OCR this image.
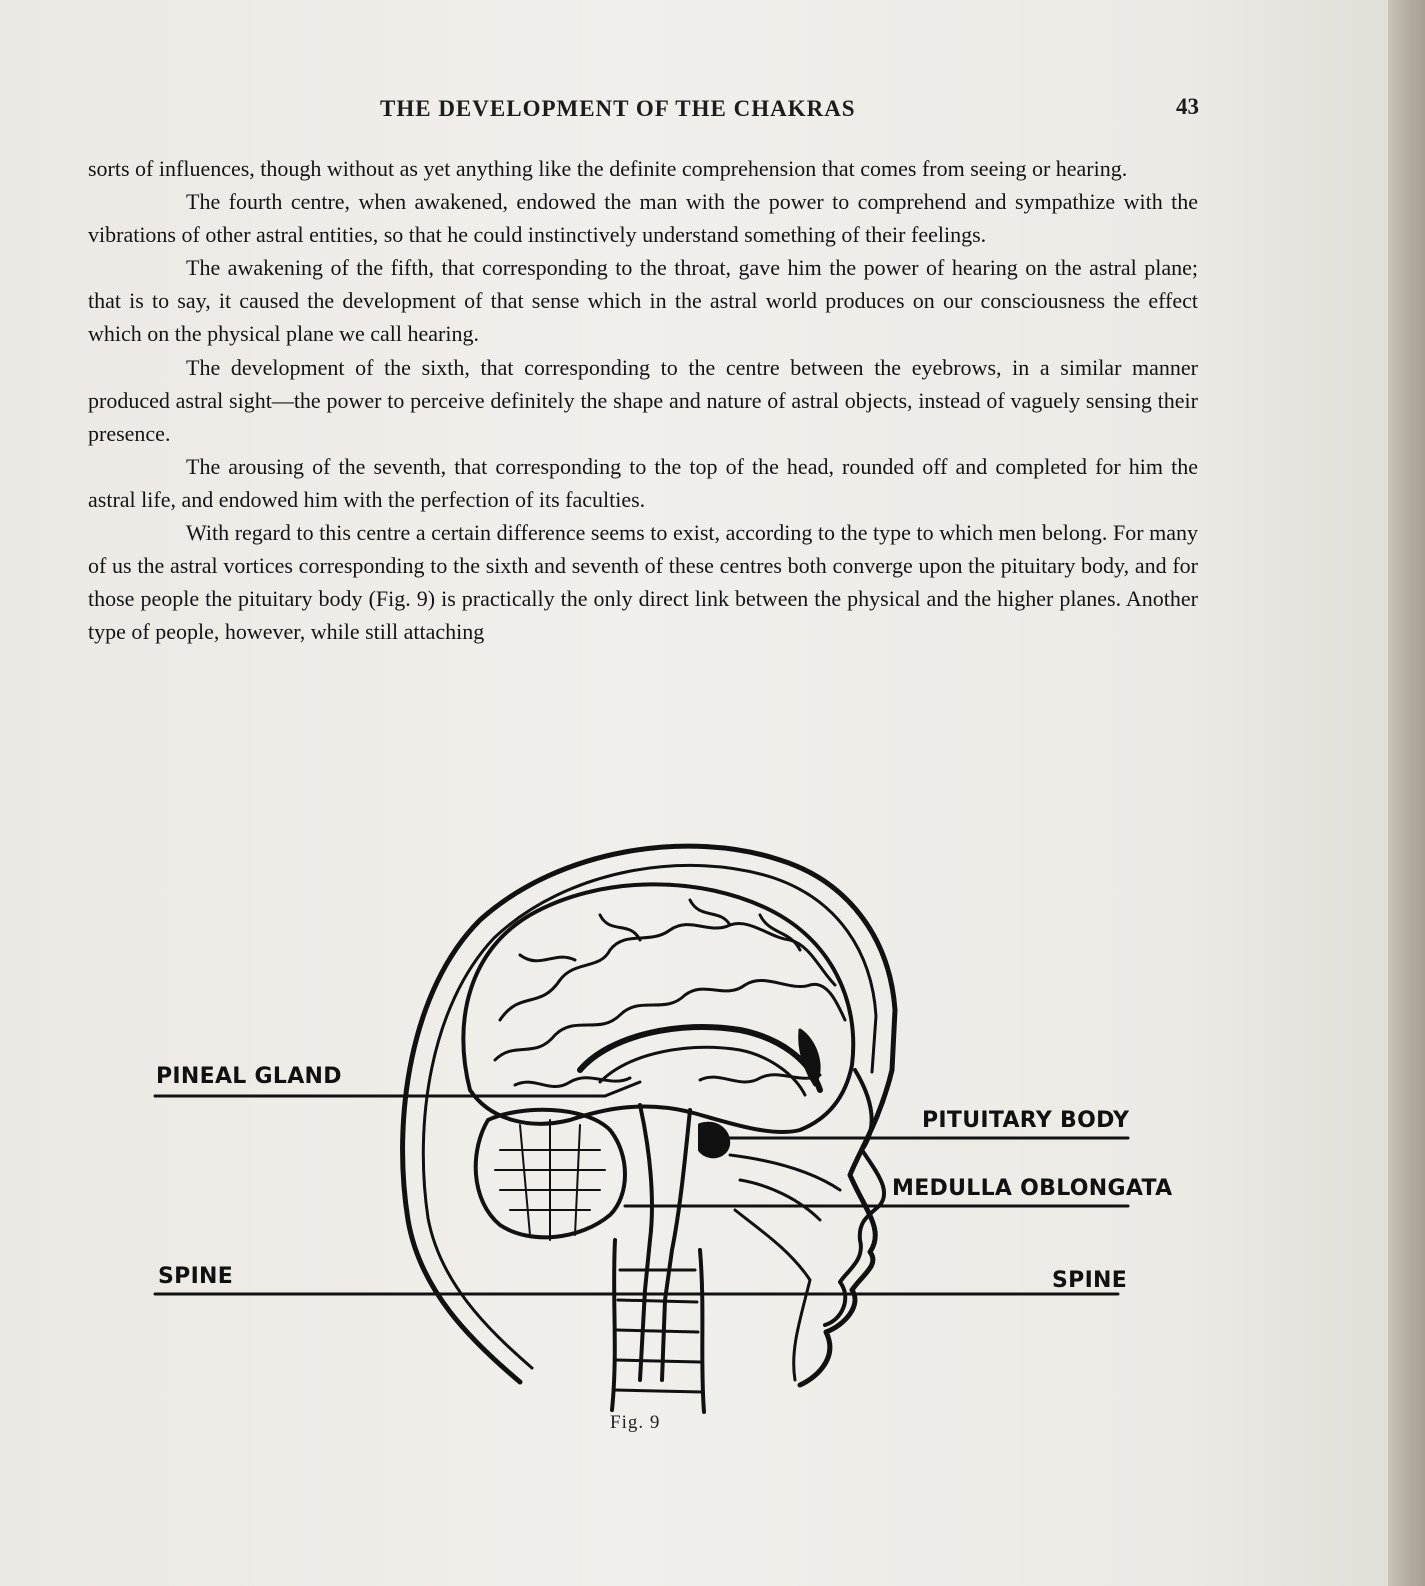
THE DEVELOPMENT OF THE CHAKRAS	43

sorts of influences, though without as yet anything like the definite comprehension that comes from seeing or hearing.

The fourth centre, when awakened, endowed the man with the power to comprehend and sympathize with the vibrations of other astral entities, so that he could instinctively understand something of their feelings.

The awakening of the fifth, that corresponding to the throat, gave him the power of hearing on the astral plane; that is to say, it caused the development of that sense which in the astral world produces on our consciousness the effect which on the physical plane we call hearing.

The development of the sixth, that corresponding to the centre between the eyebrows, in a similar manner produced astral sight—the power to perceive definitely the shape and nature of astral objects, instead of vaguely sensing their presence.

The arousing of the seventh, that corresponding to the top of the head, rounded off and completed for him the astral life, and endowed him with the perfection of its faculties.

With regard to this centre a certain difference seems to exist, according to the type to which men belong. For many of us the astral vortices corresponding to the sixth and seventh of these centres both converge upon the pituitary body, and for those people the pituitary body (Fig. 9) is practically the only direct link between the physical and the higher planes. Another type of people, however, while still attaching

PINEAL GLAND
PITUITARY BODY
MEDULLA OBLONGATA
SPINE	SPINE
Fig. 9
